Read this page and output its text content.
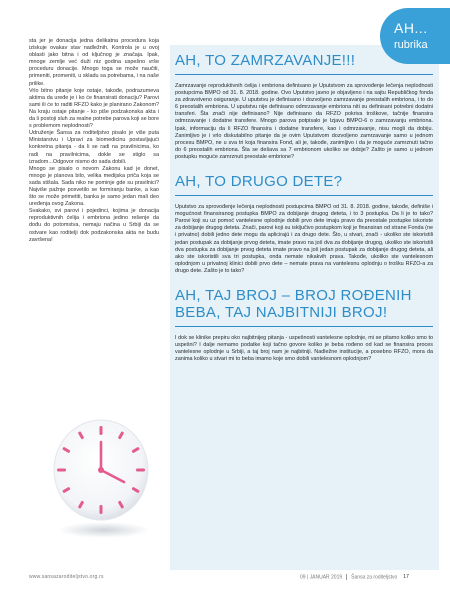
sta jer je donacija jedna delikatna procedura koja iziskuje ovakav stav nadležnih. Kontrola je u ovoj oblasti jako bitna i od ključnog je značaja. Ipak, mnoge zemlje već duži niz godina uspešno vrše proceduru donacije. Mnogo toga se može naučiti, primeniti, promeniti, u skladu sa potrebama, i na naše prilike.

Vrlo bitno pitanje koje ostaje, takođe, podrazumeva aktima da uređe je i ko će finansirati donaciju? Parovi sami ili će to raditi RFZO kako je planirano Zakonom? Na kraju ostaje pitanje - ko piše podzakonska akta i da li postoji sluh za realne potrebe parova koji se bore s problemom neplodnosti?

Udruženje Šansa za roditeljstvo pisalo je više puta Ministarstvu i Upravi za biomedicinu postavljajući konkretna pitanja - da li se radi na pravilnicima, ko radi na pravilnicima, dokle se stiglo sa izradom...Odgovor nismo do sada dobili.

Mnogo se pisalo o novom Zakonu kad je donet, mnogo je planova bilo, velika medijska priča koja se sada stišala. Sada niko ne pominje gde su pravilnici? Najviše pažnje posvetilo se formiranju banke, a kao što se može primetiti, banka je samo jedan mali deo uređenja ovog Zakona.

Svakako, svi parovi i pojedinci, kojima je donacija reproduktivnih ćelija i embriona jedino rešenje da dođu do potomstva, nemaju načina u Srbiji da se ostvare kao roditelji dok podzakonska akta ne budu završena!

AH...
rubrika
AH, TO ZAMRZAVANJE!!!

Zamrzavanje reproduktivnih ćelija i embriona definisano je Uputstvom za sprovođenje lečenja neplodnosti postupcima BMPO od 31. 8. 2018. godine. Ovo Uputstvo javno je objavljeno i na sajtu Republičkog fonda za zdravstveno osiguranje. U uputstvu je definisano i dozvoljeno zamrzavanje preostalih embriona, i to do 6 preostalih embriona. U uputstvu nije definisano odmrzavanje embriona niti su definisani potrebni dodatni transferi. Šta znači nije definisano? Nije definisano da RFZO pokriva troškove, tačnije finansira odmrzavanje i dodatne transfere. Mnogo parova potpisalo je Izjavu BMPO-6 o zamrzavanju embriona. Ipak, informaciju da li RFZO finansira i dodatne transfere, kao i odmrzavanje, nisu mogli da dobiju. Zanimljivo je i vrlo diskutabilno pitanje da je ovim Uputstvom dozvoljeno zamrzavanje samo u jednom procesu BMPO, ne u sva tri koja finansira Fond, ali je, takođe, zanimljivo i da je moguće zamrznuti tačno do 6 preostalih embriona. Šta se dešava sa 7 embrionom ukoliko se dobije? Zašto je samo u jednom postupku moguće zamrznuti preostale embrione?

AH, TO DRUGO DETE?

Uputstvo za sprovođenje lečenja neplodnosti postupcima BMPO od 31. 8. 2018. godine, takođe, definiše i mogućnost finansiranog postupka BMPO za dobijanje drugog deteta, i to 3 postupka. Da li je to tako? Parovi koji su uz pomoć vantelesne oplodnje dobili prvo dete imaju pravo da preostale postupke iskoriste za dobijanje drugog deteta. Znači, parovi koji su isključivo postupkom koji je finansiran od strane Fonda (ne i privatno) dobili jedno dete mogu da aplicirajú i za drugo dete. Što, u stvari, znači - ukoliko ste iskoristili jedan postupak za dobijanje prvog deteta, imate pravo na još dva za dobijanje drugog, ukoliko ste iskoristili dva postupka za dobijanje prvog deteta imate pravo na još jedan postupak za dobijanje drugog deteta, ali ako ste iskoristili sva tri postupka, onda nemate nikakvih prava. Takođe, ukoliko ste vantelesnom oplodnjom u privatnoj klinici dobili prvo dete – nemate prava na vantelesnu oplodnju o trošku RFZO-a za drugo dete. Zašto je to tako?

AH, TAJ BROJ – BROJ ROĐENIH BEBA, TAJ NAJBITNIJI BROJ!

I dok se klinike prepiru oko najbitnijeg pitanja - uspešnosti vantelesne oplodnje, mi se pitamo koliko smo to uspešni? I dalje nemamo podatke koji tačno govore koliko je beba rođeno od kad se finansira proces vantelesne oplodnje u Srbiji, a taj broj nam je najbitniji. Nadležne institucije, a posebno RFZO, mora da zanima koliko u stvari mi to beba imamo koje smo dobili vantelesnom oplodnjom?

www.sansazaroditeljstvo.org.rs	09 | JANUAR 2019 Šansa za roditeljstvo 17
